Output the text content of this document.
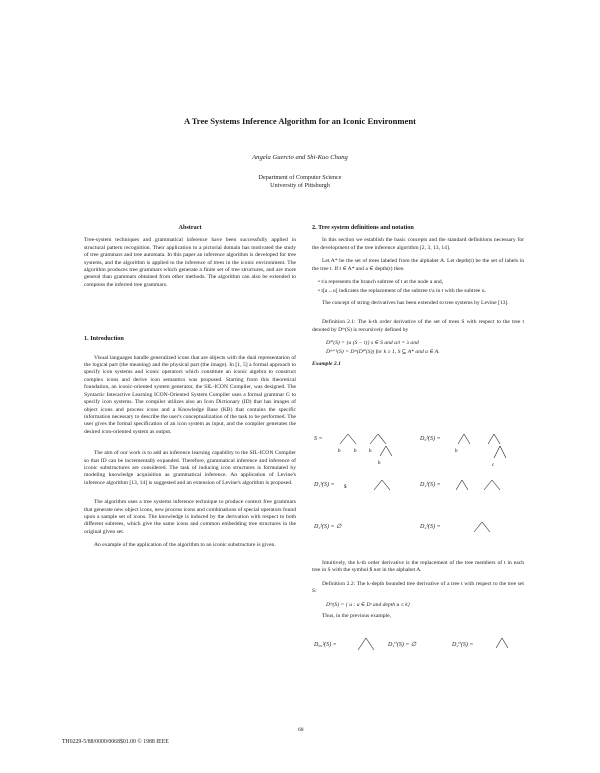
A Tree Systems Inference Algorithm for an Iconic Environment
Angela Guercio and Shi-Kuo Chang
Department of Computer Science
University of Pittsburgh
Abstract

Tree-system techniques and grammatical inference have been successfully applied in structural pattern recognition. Their application to a pictorial domain has motivated the study of tree grammars and tree automata. In this paper an inference algorithm is developed for tree systems, and the algorithm is applied to the inference of trees in the iconic environment. The algorithm produces tree grammars which generate a finite set of tree structures, and are more general than grammars obtained from other methods. The algorithm can also be extended to compress the inferred tree grammars.

1. Introduction

Visual languages handle generalized icons that are objects with the dual representation of the logical part (the meaning) and the physical part (the image). In [1, 5] a formal approach to specify icon systems and iconic operators which constitute an iconic algebra to construct complex icons and derive icon semantics was proposed. Starting from this theoretical foundation, an iconic-oriented system generator, the SIL-ICON Compiler, was designed. The Syntactic Interactive Learning ICON-Oriented System Compiler uses a formal grammar G to specify icon systems. The compiler utilizes also an Icon Dictionary (ID) that has images of object icons and process icons and a Knowledge Base (KB) that contains the specific information necessary to describe the user's conceptualization of the task to be performed. The user gives the formal specification of an icon system as input, and the compiler generates the desired icon-oriented system as output.

The aim of our work is to add an inference learning capability to the SIL-ICON Compiler so that ID can be incrementally expanded. Therefore, grammatical inference and inference of iconic substructures are considered. The task of inducing icon structures is formulated by modeling knowledge acquisition as grammatical inference. An application of Levine's inference algorithm [13, 14] is suggested and an extension of Levine's algorithm is proposed.

The algorithm uses a tree systems inference technique to produce context free grammars that generate new object icons, new process icons and combinations of special operators found upon a sample set of icons. The knowledge is induced by the derivation with respect to both different subtrees, which give the same icons and common embedding tree structures in the original given set.

An example of the application of the algorithm to an iconic substructure is given.

2. Tree system definitions and notation

In this section we establish the basic concepts and the standard definitions necessary for the development of the tree inference algorithm [2, 3, 13, 14].

Let A* be the set of trees labeled from the alphabet A. Let depth(t) be the set of labels in the tree t. If t ∈ A* and a ∈ depth(t) then

• t/a represents the branch subtree of t at the node a and,
• t[a→u] indicates the replacement of the subtree t/a in t with the subtree u.

The concept of string derivatives has been extended to tree systems by Levine [13].

Definition 2.1: The k-th order derivative of the set of trees S with respect to the tree t denoted by Dᵗᵏ(S) is recursively defined by

Dᵗ⁰(S) = {a (S − t)} s ∈ S and a/t = λ and
Dᵗᵏ⁺¹(S) = Dᵗᵏ(Dᵗ⁰(S)) for k ≥ 1, S ⊆ A* and a ∈ A.
Example 2.1
S =	D₀ᵇ(S) =
D₁ᵇ(S) =	D₂ᵇ(S) =
D₃ᵇ(S) = ∅	D₄ᵇ(S) =
b	b	b
b
b
c
$

Intuitively, the k-th order derivative is the replacement of the tree members of t in each tree in S with the symbol $ not in the alphabet A.

Definition 2.2: The k-depth bounded tree derivative of a tree t with respect to the tree set S:

Dᵗᵏ(S) = { u : u ∈ Dᵗ and depth u ≤ k}

Thus, in the previous example,

D₀₀ᵇ(S) =	D₁⁰(S) = ∅	D₂⁰(S) =
68
TH0229-5/88/0000/0068$01.00 © 1988 IEEE
